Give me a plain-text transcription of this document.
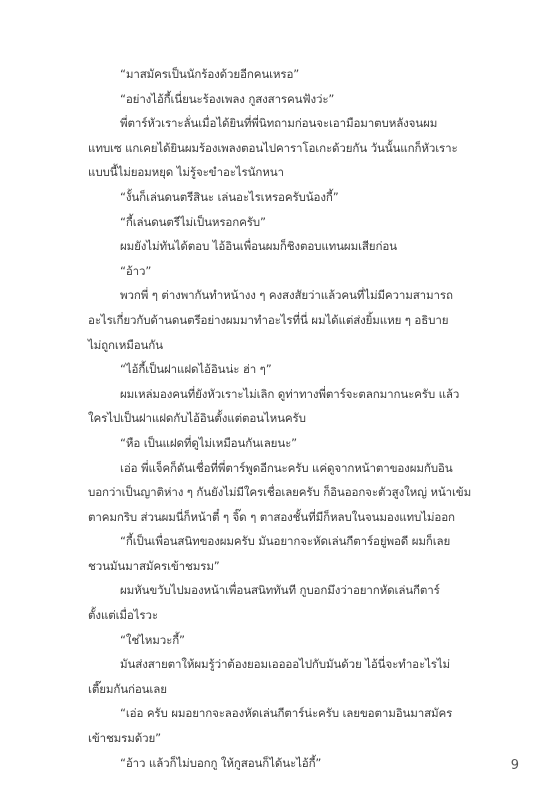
“มาสมัครเป็นนักร้องด้วยอีกคนเหรอ”

“อย่างไอ้กี้เนี่ยนะร้องเพลง กูสงสารคนฟังว่ะ”

พี่ตาร์หัวเราะลั่นเมื่อได้ยินที่พี่นิทถามก่อนจะเอามือมาตบหลังจนผม
แทบเซ แกเคยได้ยินผมร้องเพลงตอนไปคาราโอเกะด้วยกัน วันนั้นแกก็หัวเราะ
แบบนี้ไม่ยอมหยุด ไม่รู้จะขำอะไรนักหนา

“งั้นก็เล่นดนตรีสินะ เล่นอะไรเหรอครับน้องกี้”

“กี้เล่นดนตรีไม่เป็นหรอกครับ”

ผมยังไม่ทันได้ตอบ ไอ้อินเพื่อนผมก็ชิงตอบแทนผมเสียก่อน

“อ้าว”

พวกพี่ ๆ ต่างพากันทำหน้างง ๆ คงสงสัยว่าแล้วคนที่ไม่มีความสามารถ
อะไรเกี่ยวกับด้านดนตรีอย่างผมมาทำอะไรที่นี่ ผมได้แต่ส่งยิ้มแหย ๆ อธิบาย
ไม่ถูกเหมือนกัน

“ไอ้กี้เป็นฝาแฝดไอ้อินน่ะ ฮ่า ๆ”

ผมเหล่มองคนที่ยังหัวเราะไม่เลิก ดูท่าทางพี่ตาร์จะตลกมากนะครับ แล้ว
ใครไปเป็นฝาแฝดกับไอ้อินตั้งแต่ตอนไหนครับ

“หือ เป็นแฝดที่ดูไม่เหมือนกันเลยนะ”

เอ่อ พี่แจ็คก็ดันเชื่อที่พี่ตาร์พูดอีกนะครับ แค่ดูจากหน้าตาของผมกับอิน
บอกว่าเป็นญาติห่าง ๆ กันยังไม่มีใครเชื่อเลยครับ ก็อินออกจะตัวสูงใหญ่ หน้าเข้ม
ตาคมกริบ ส่วนผมนี่ก็หน้าตี๋ ๆ จิ๊ด ๆ ตาสองชั้นที่มีก็หลบในจนมองแทบไม่ออก

“กี้เป็นเพื่อนสนิทของผมครับ มันอยากจะหัดเล่นกีตาร์อยู่พอดี ผมก็เลย
ชวนมันมาสมัครเข้าชมรม”

ผมหันขวับไปมองหน้าเพื่อนสนิททันที กูบอกมึงว่าอยากหัดเล่นกีตาร์
ตั้งแต่เมื่อไรวะ

“ใช่ไหมวะกี้”

มันส่งสายตาให้ผมรู้ว่าต้องยอมเออออไปกับมันด้วย ไอ้นี่จะทำอะไรไม่
เตี๊ยมกันก่อนเลย

“เอ่อ ครับ ผมอยากจะลองหัดเล่นกีตาร์น่ะครับ เลยขอตามอินมาสมัคร
เข้าชมรมด้วย”

“อ้าว แล้วก็ไม่บอกกู ให้กูสอนก็ได้นะไอ้กี้”	9
